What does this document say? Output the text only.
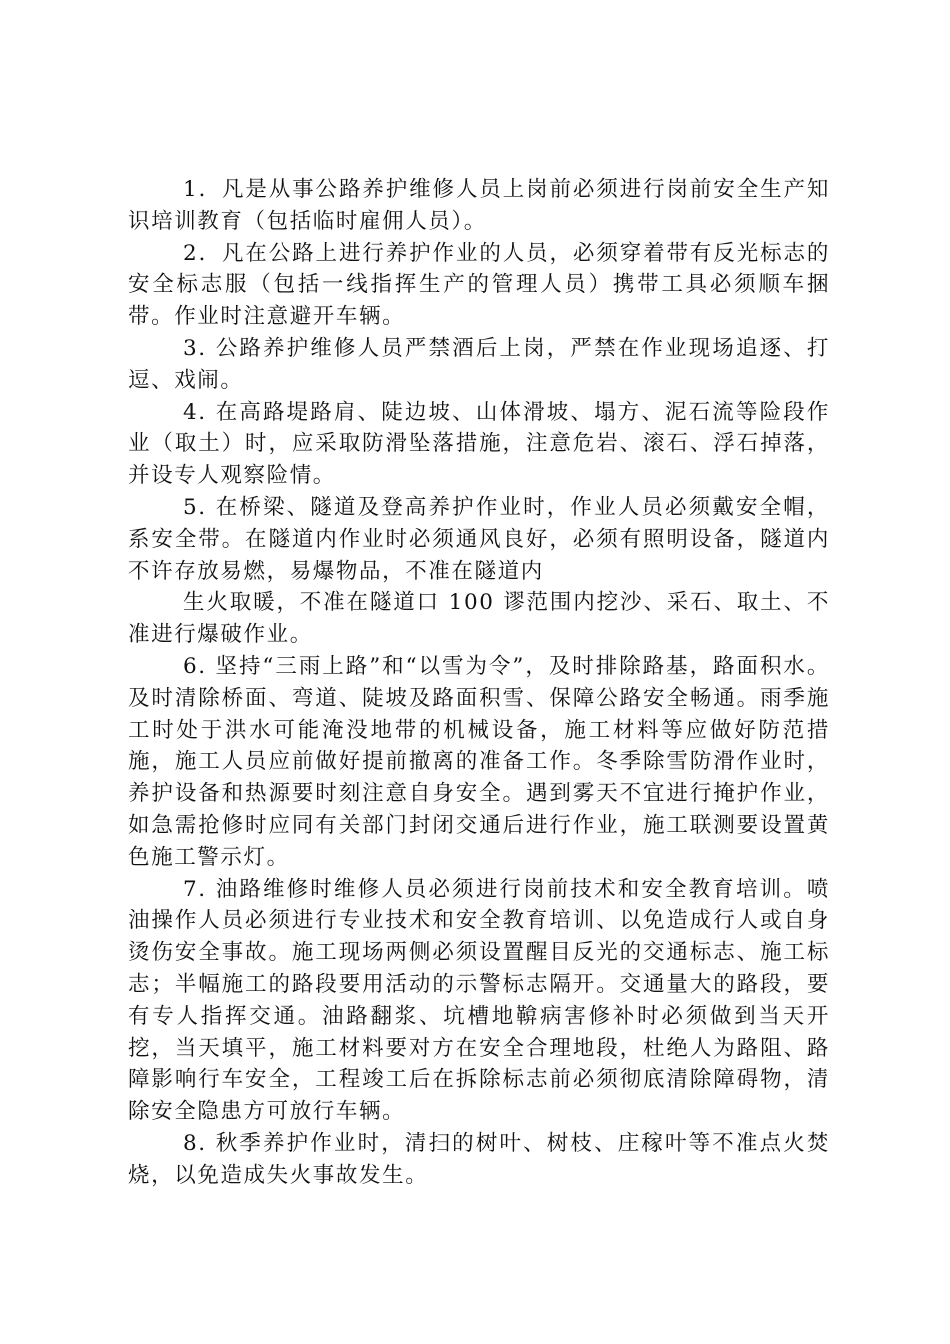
1．凡是从事公路养护维修人员上岗前必须进行岗前安全生产知识培训教育（包括临时雇佣人员）。

2．凡在公路上进行养护作业的人员，必须穿着带有反光标志的安全标志服（包括一线指挥生产的管理人员）携带工具必须顺车捆带。作业时注意避开车辆。

3. 公路养护维修人员严禁酒后上岗，严禁在作业现场追逐、打逗、戏闹。

4. 在高路堤路肩、陡边坡、山体滑坡、塌方、泥石流等险段作业（取土）时，应采取防滑坠落措施，注意危岩、滚石、浮石掉落，并设专人观察险情。

5. 在桥梁、隧道及登高养护作业时，作业人员必须戴安全帽，系安全带。在隧道内作业时必须通风良好，必须有照明设备，隧道内不许存放易燃，易爆物品，不准在隧道内

生火取暖，不准在隧道口 100 谬范围内挖沙、采石、取土、不准进行爆破作业。

6. 坚持“三雨上路”和“以雪为令”，及时排除路基，路面积水。及时清除桥面、弯道、陡坡及路面积雪、保障公路安全畅通。雨季施工时处于洪水可能淹没地带的机械设备，施工材料等应做好防范措施，施工人员应前做好提前撤离的准备工作。冬季除雪防滑作业时，养护设备和热源要时刻注意自身安全。遇到雾天不宜进行掩护作业，如急需抢修时应同有关部门封闭交通后进行作业，施工联测要设置黄色施工警示灯。

7. 油路维修时维修人员必须进行岗前技术和安全教育培训。喷油操作人员必须进行专业技术和安全教育培训、以免造成行人或自身烫伤安全事故。施工现场两侧必须设置醒目反光的交通标志、施工标志；半幅施工的路段要用活动的示警标志隔开。交通量大的路段，要有专人指挥交通。油路翻浆、坑槽地鞥病害修补时必须做到当天开挖，当天填平，施工材料要对方在安全合理地段，杜绝人为路阻、路障影响行车安全，工程竣工后在拆除标志前必须彻底清除障碍物，清除安全隐患方可放行车辆。

8. 秋季养护作业时，清扫的树叶、树枝、庄稼叶等不准点火焚烧，以免造成失火事故发生。
